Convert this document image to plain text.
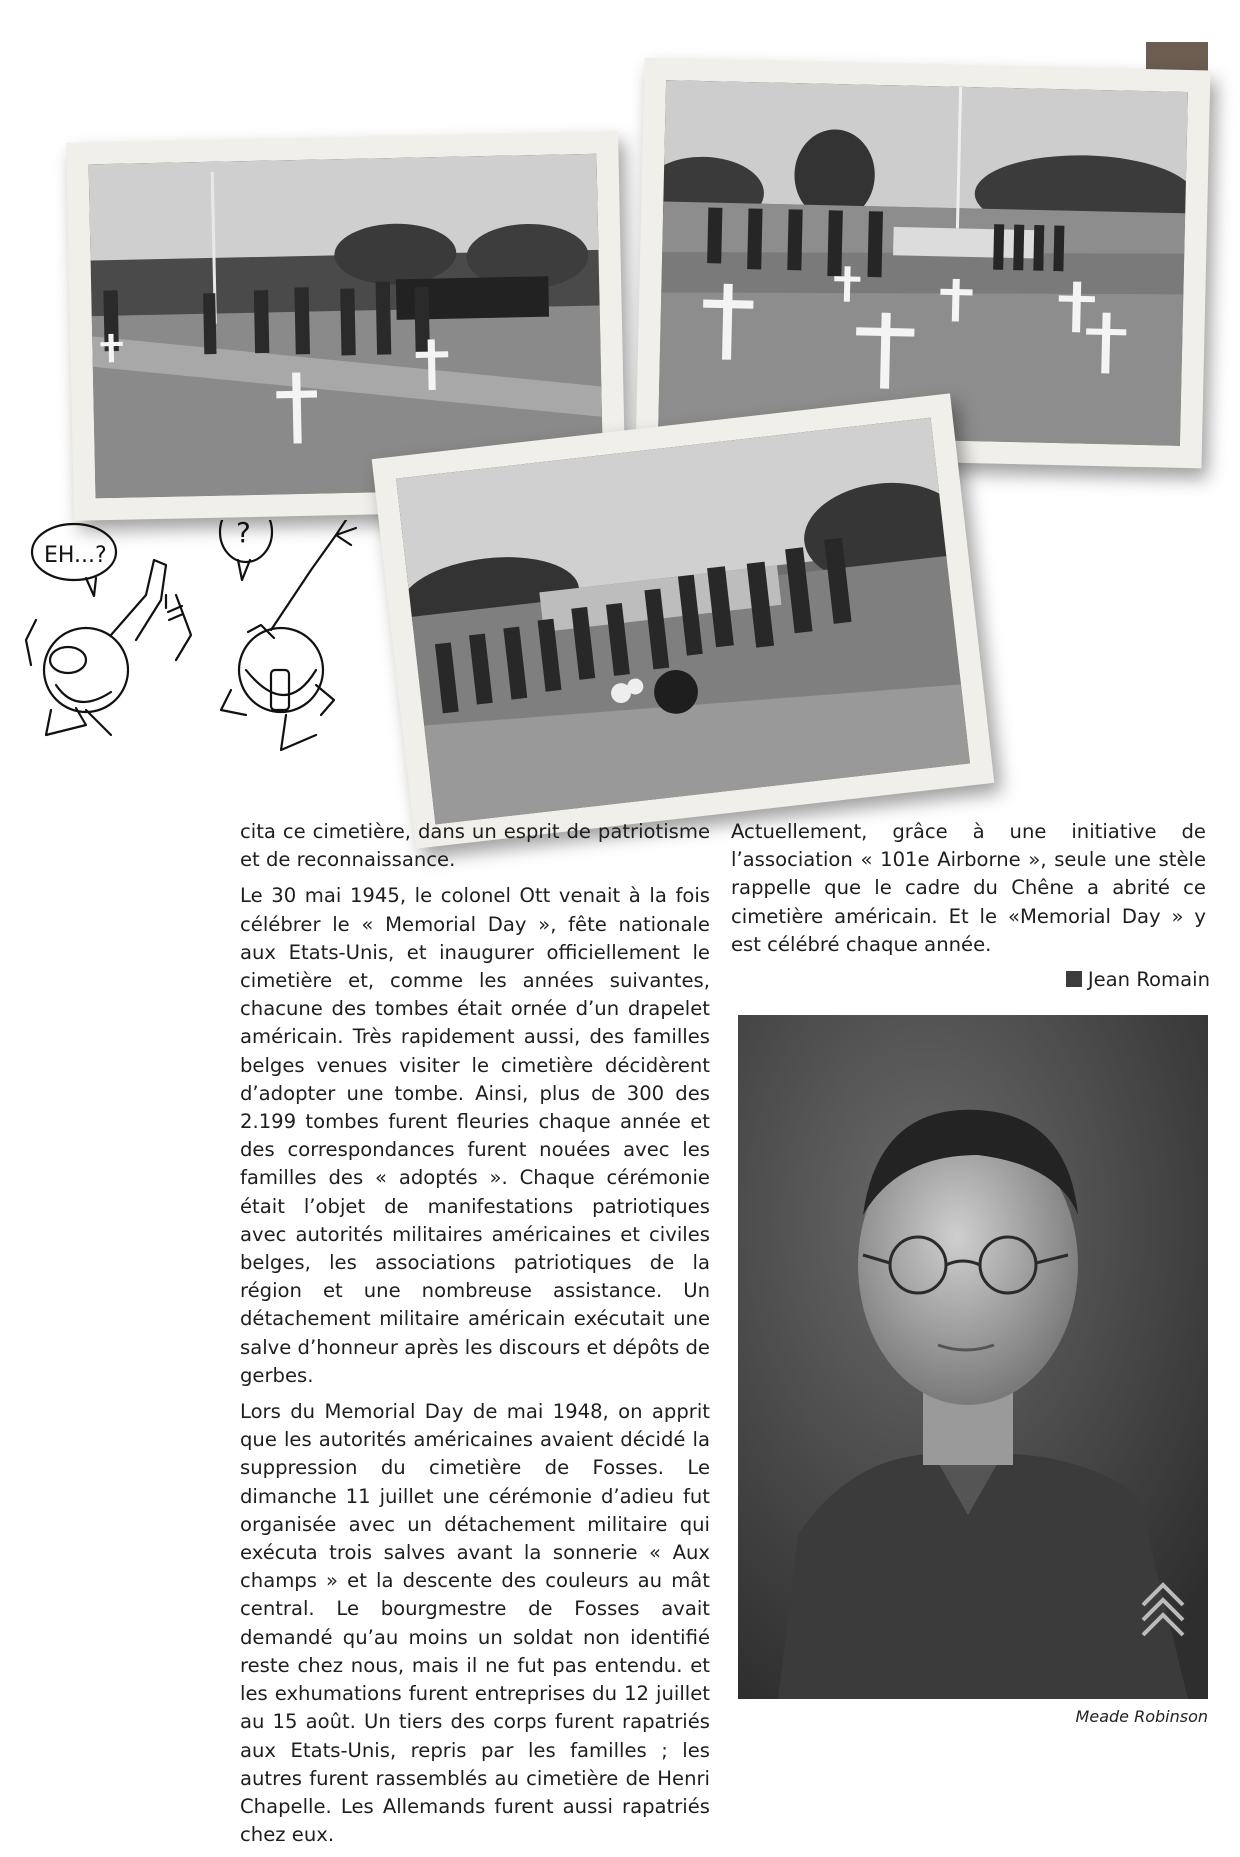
EH...?
?

cita ce cimetière, dans un esprit de patriotisme et de reconnaissance.

Le 30 mai 1945, le colonel Ott venait à la fois célébrer le « Memorial Day », fête nationale aux Etats-Unis, et inaugurer officiellement le cimetière et, comme les années suivantes, chacune des tombes était ornée d’un drapelet américain. Très rapidement aussi, des familles belges venues visiter le cimetière décidèrent d’adopter une tombe. Ainsi, plus de 300 des 2.199 tombes furent fleuries chaque année et des correspondances furent nouées avec les familles des « adoptés ». Chaque cérémonie était l’objet de manifestations patriotiques avec autorités militaires américaines et civiles belges, les associations patriotiques de la région et une nombreuse assistance. Un détachement militaire américain exécutait une salve d’honneur après les discours et dépôts de gerbes.

Lors du Memorial Day de mai 1948, on apprit que les autorités américaines avaient décidé la suppression du cimetière de Fosses. Le dimanche 11 juillet une cérémonie d’adieu fut organisée avec un détachement militaire qui exécuta trois salves avant la sonnerie « Aux champs » et la descente des couleurs au mât central. Le bourgmestre de Fosses avait demandé qu’au moins un soldat non identifié reste chez nous, mais il ne fut pas entendu. et les exhumations furent entreprises du 12 juillet au 15 août. Un tiers des corps furent rapatriés aux Etats-Unis, repris par les familles ; les autres furent rassemblés au cimetière de Henri Chapelle. Les Allemands furent aussi rapatriés chez eux.

Actuellement, grâce à une initiative de l’association « 101e Airborne », seule une stèle rappelle que le cadre du Chêne a abrité ce cimetière américain. Et le «Memorial Day » y est célébré chaque année.

Jean Romain
Meade Robinson
